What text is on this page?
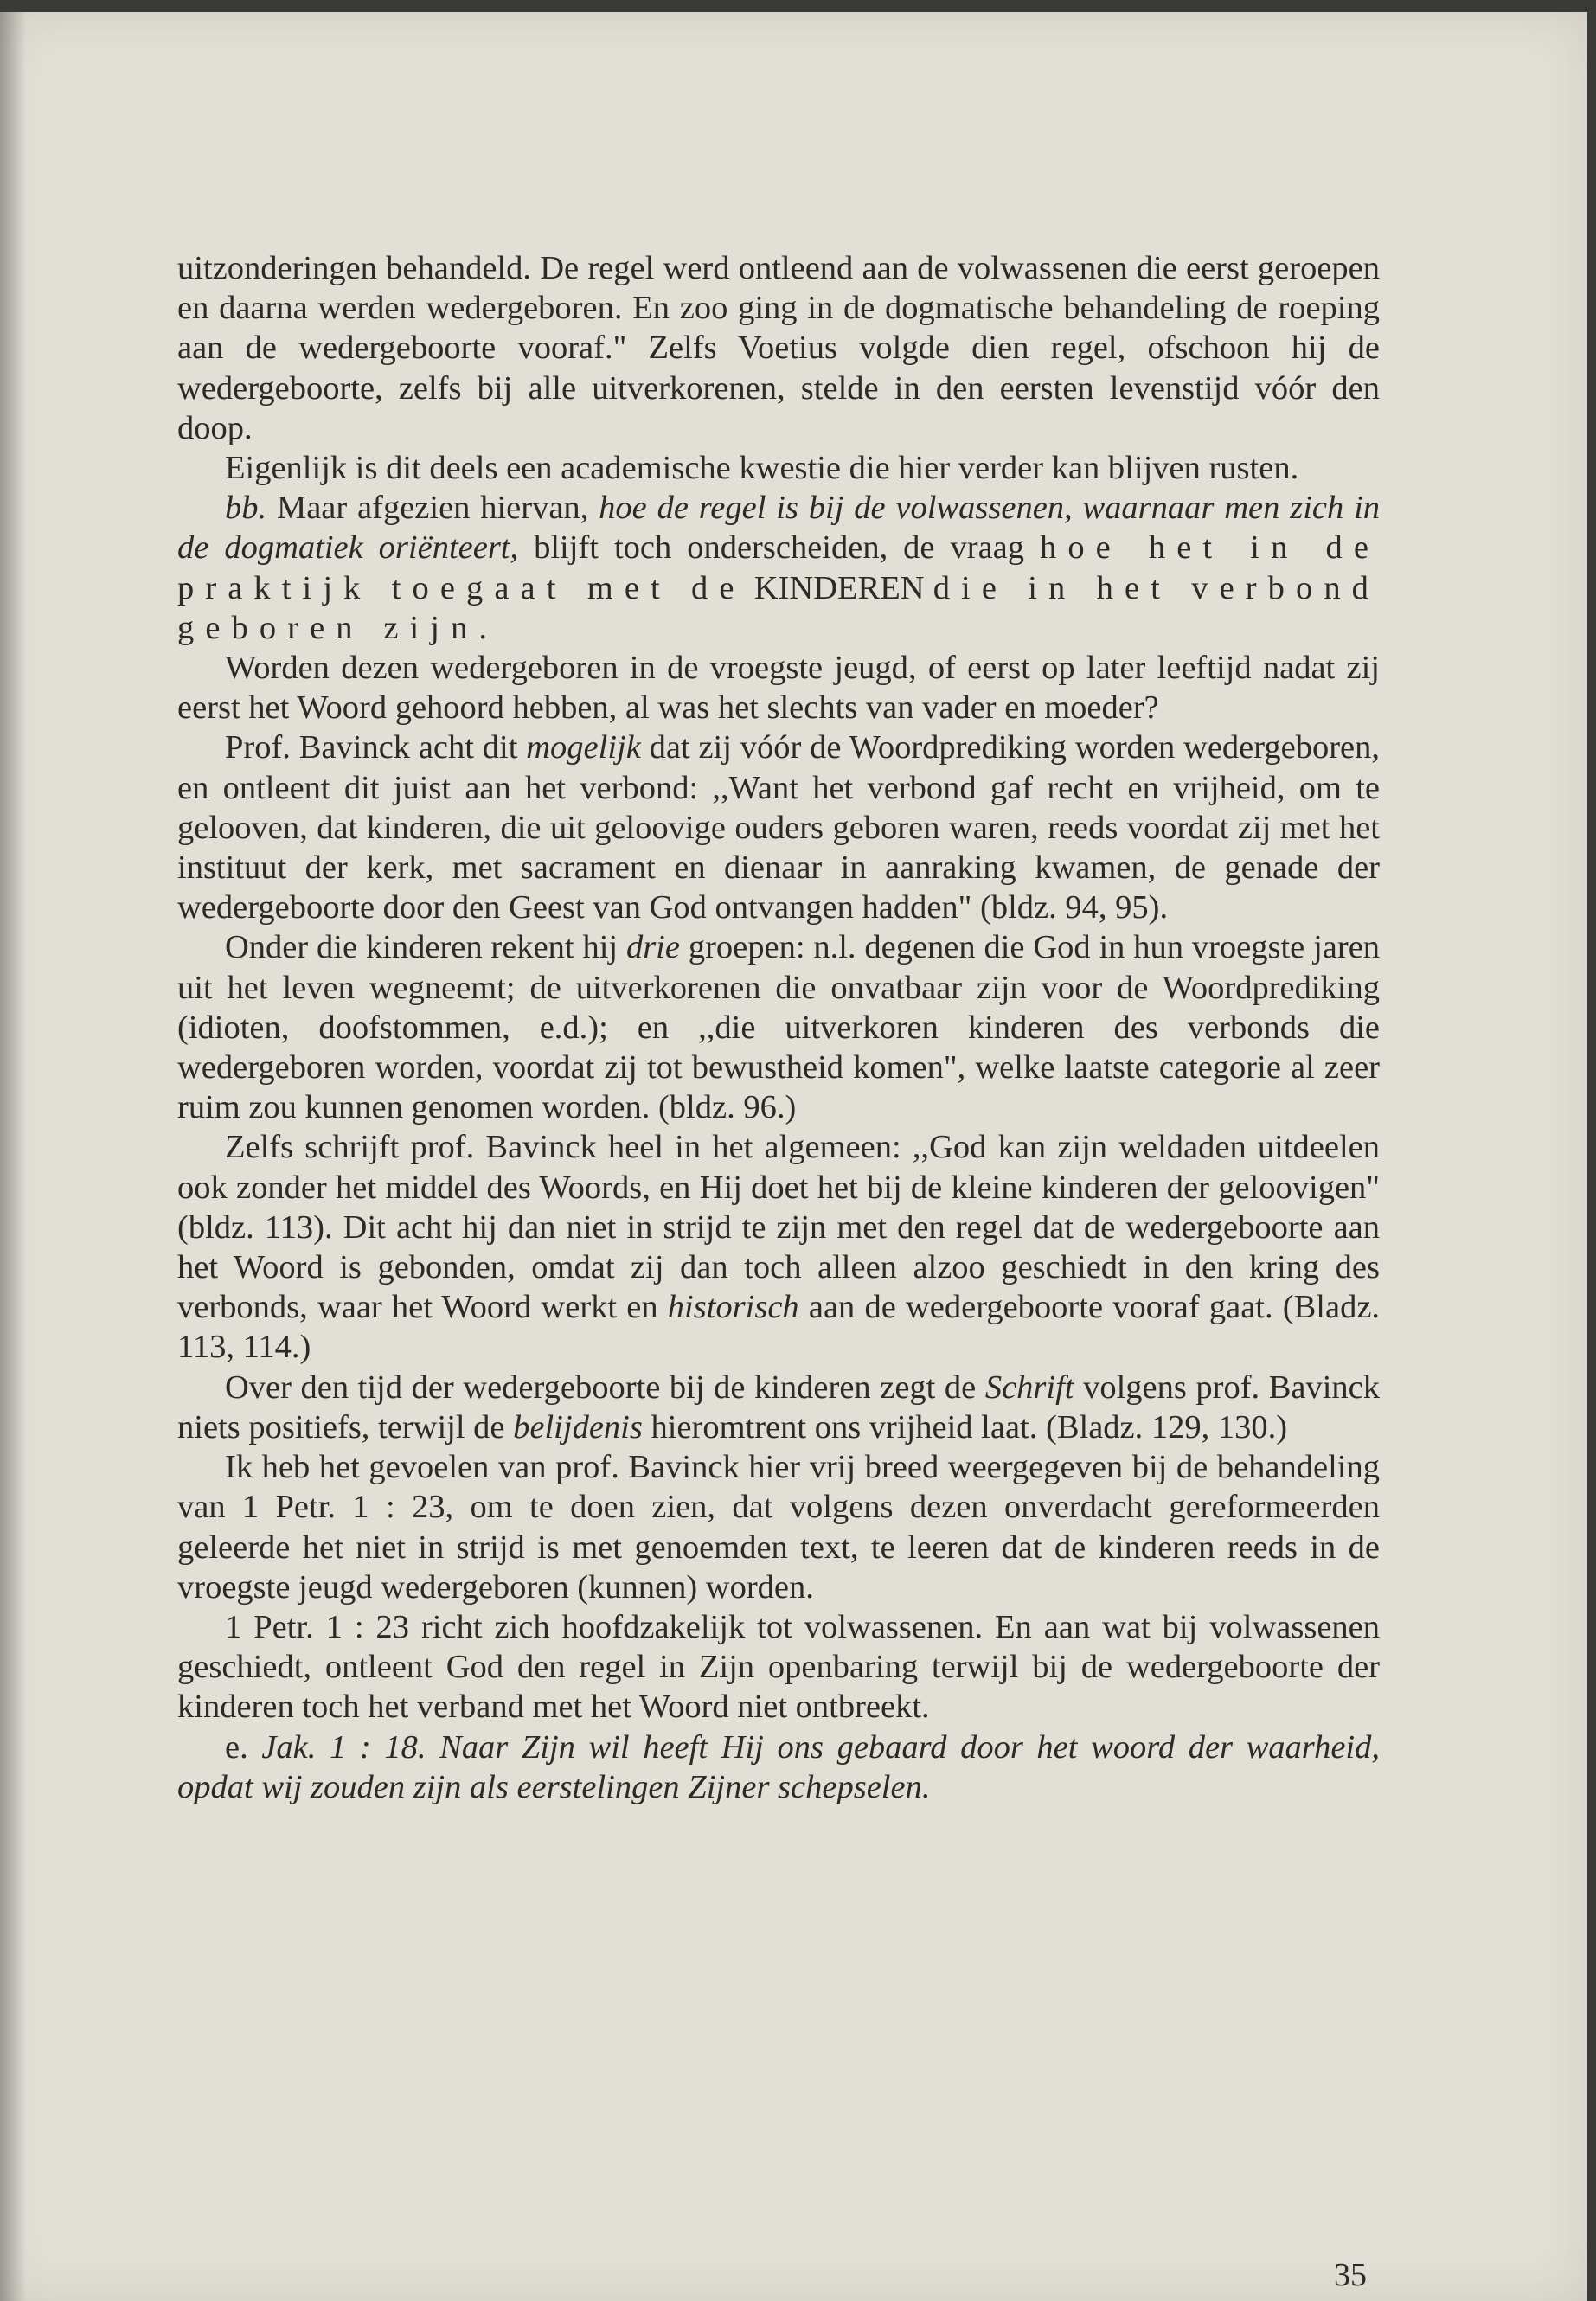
uitzonderingen behandeld. De regel werd ontleend aan de volwassenen die eerst geroepen en daarna werden wedergeboren. En zoo ging in de dogmatische behandeling de roeping aan de wedergeboorte vooraf." Zelfs Voetius volgde dien regel, ofschoon hij de wedergeboorte, zelfs bij alle uitverkorenen, stelde in den eersten levenstijd vóór den doop.

Eigenlijk is dit deels een academische kwestie die hier verder kan blijven rusten.

bb. Maar afgezien hiervan, hoe de regel is bij de volwassenen, waarnaar men zich in de dogmatiek oriënteert, blijft toch onderscheiden, de vraag hoe het in de praktijk toegaat met de KINDEREN die in het verbond geboren zijn.

Worden dezen wedergeboren in de vroegste jeugd, of eerst op later leeftijd nadat zij eerst het Woord gehoord hebben, al was het slechts van vader en moeder?

Prof. Bavinck acht dit mogelijk dat zij vóór de Woordprediking worden wedergeboren, en ontleent dit juist aan het verbond: ,,Want het verbond gaf recht en vrijheid, om te gelooven, dat kinderen, die uit geloovige ouders geboren waren, reeds voordat zij met het instituut der kerk, met sacrament en dienaar in aanraking kwamen, de genade der wedergeboorte door den Geest van God ontvangen hadden" (bldz. 94, 95).

Onder die kinderen rekent hij drie groepen: n.l. degenen die God in hun vroegste jaren uit het leven wegneemt; de uitverkorenen die onvatbaar zijn voor de Woordprediking (idioten, doofstommen, e.d.); en ,,die uitverkoren kinderen des verbonds die wedergeboren worden, voordat zij tot bewustheid komen", welke laatste categorie al zeer ruim zou kunnen genomen worden. (bldz. 96.)

Zelfs schrijft prof. Bavinck heel in het algemeen: ,,God kan zijn weldaden uitdeelen ook zonder het middel des Woords, en Hij doet het bij de kleine kinderen der geloovigen" (bldz. 113). Dit acht hij dan niet in strijd te zijn met den regel dat de wedergeboorte aan het Woord is gebonden, omdat zij dan toch alleen alzoo geschiedt in den kring des verbonds, waar het Woord werkt en historisch aan de wedergeboorte vooraf gaat. (Bladz. 113, 114.)

Over den tijd der wedergeboorte bij de kinderen zegt de Schrift volgens prof. Bavinck niets positiefs, terwijl de belijdenis hieromtrent ons vrijheid laat. (Bladz. 129, 130.)

Ik heb het gevoelen van prof. Bavinck hier vrij breed weergegeven bij de behandeling van 1 Petr. 1 : 23, om te doen zien, dat volgens dezen onverdacht gereformeerden geleerde het niet in strijd is met genoemden text, te leeren dat de kinderen reeds in de vroegste jeugd wedergeboren (kunnen) worden.

1 Petr. 1 : 23 richt zich hoofdzakelijk tot volwassenen. En aan wat bij volwassenen geschiedt, ontleent God den regel in Zijn openbaring terwijl bij de wedergeboorte der kinderen toch het verband met het Woord niet ontbreekt.

e. Jak. 1 : 18. Naar Zijn wil heeft Hij ons gebaard door het woord der waarheid, opdat wij zouden zijn als eerstelingen Zijner schepselen.

35
